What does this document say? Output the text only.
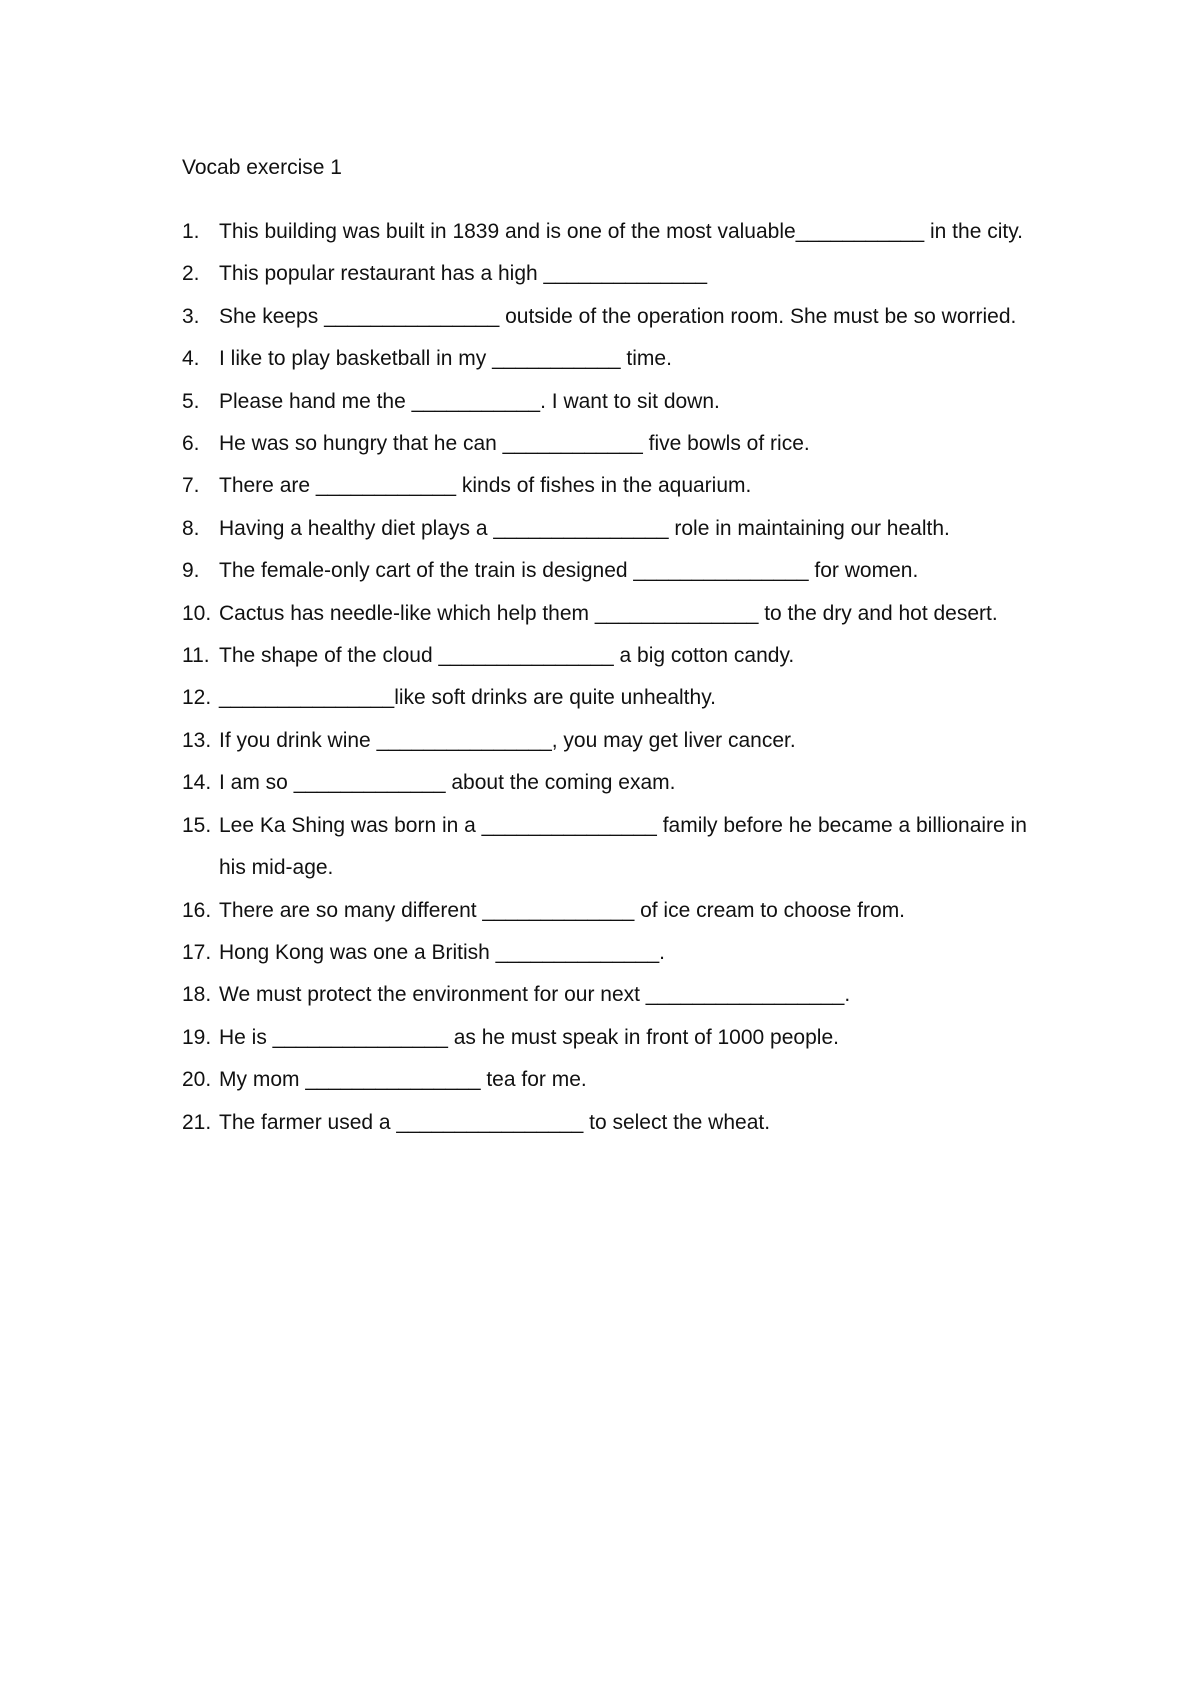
Vocab exercise 1
1. This building was built in 1839 and is one of the most valuable___________ in the city.
2. This popular restaurant has a high ______________
3. She keeps _______________ outside of the operation room. She must be so worried.
4. I like to play basketball in my ___________ time.
5. Please hand me the ___________. I want to sit down.
6. He was so hungry that he can ____________ five bowls of rice.
7. There are ____________ kinds of fishes in the aquarium.
8. Having a healthy diet plays a _______________ role in maintaining our health.
9. The female-only cart of the train is designed _______________ for women.
10. Cactus has needle-like which help them ______________ to the dry and hot desert.
11. The shape of the cloud _______________ a big cotton candy.
12. _______________like soft drinks are quite unhealthy.
13. If you drink wine _______________, you may get liver cancer.
14. I am so _____________ about the coming exam.
15. Lee Ka Shing was born in a _______________ family before he became a billionaire in his mid-age.
16. There are so many different _____________ of ice cream to choose from.
17. Hong Kong was one a British ______________.
18. We must protect the environment for our next _________________.
19. He is _______________ as he must speak in front of 1000 people.
20. My mom _______________ tea for me.
21. The farmer used a ________________ to select the wheat.
